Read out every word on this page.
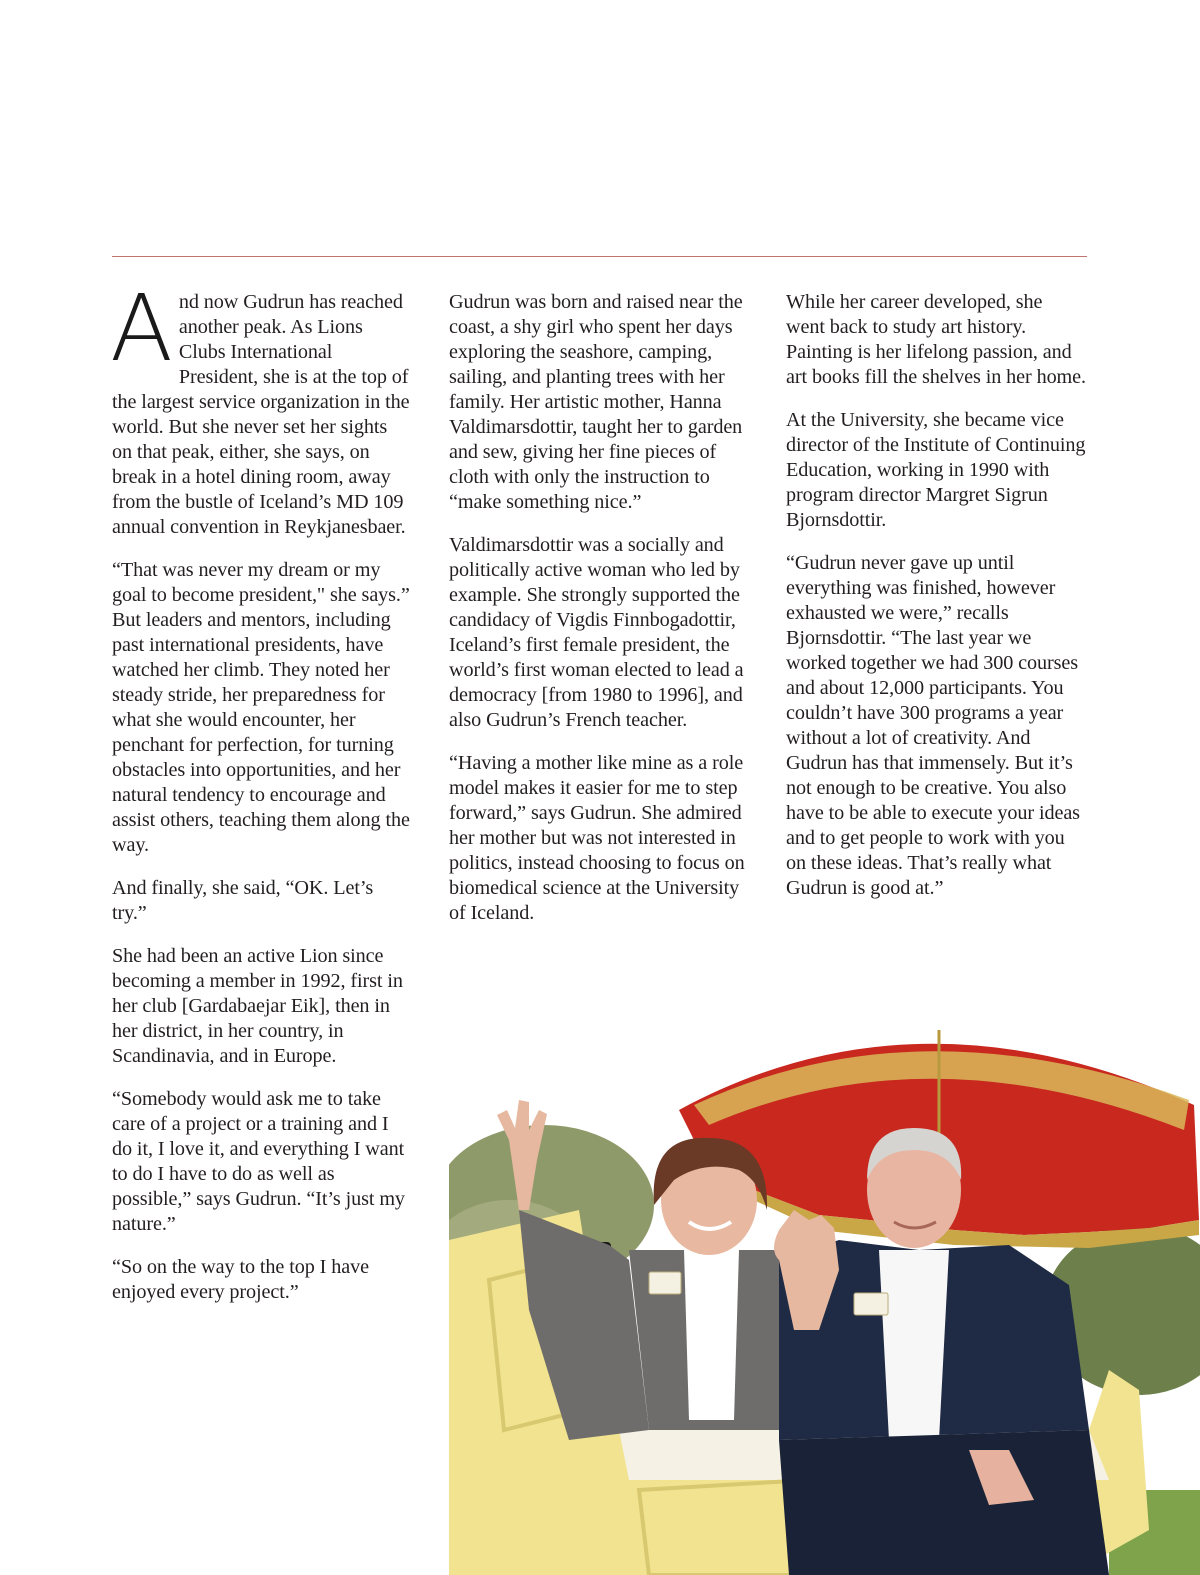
And now Gudrun has reached another peak. As Lions Clubs International President, she is at the top of the largest service organization in the world. But she never set her sights on that peak, either, she says, on break in a hotel dining room, away from the bustle of Iceland’s MD 109 annual convention in Reykjanesbaer.

“That was never my dream or my goal to become president," she says.” But leaders and mentors, including past international presidents, have watched her climb. They noted her steady stride, her preparedness for what she would encounter, her penchant for perfection, for turning obstacles into opportunities, and her natural tendency to encourage and assist others, teaching them along the way.

And finally, she said, “OK. Let’s try.”

She had been an active Lion since becoming a member in 1992, first in her club [Gardabaejar Eik], then in her district, in her country, in Scandinavia, and in Europe.

“Somebody would ask me to take care of a project or a training and I do it, I love it, and everything I want to do I have to do as well as possible,” says Gudrun. “It’s just my nature.”

“So on the way to the top I have enjoyed every project.”

Gudrun was born and raised near the coast, a shy girl who spent her days exploring the seashore, camping, sailing, and planting trees with her family. Her artistic mother, Hanna Valdimarsdottir, taught her to garden and sew, giving her fine pieces of cloth with only the instruction to “make something nice.”

Valdimarsdottir was a socially and politically active woman who led by example. She strongly supported the candidacy of Vigdis Finnbogadottir, Iceland’s first female president, the world’s first woman elected to lead a democracy [from 1980 to 1996], and also Gudrun’s French teacher.

“Having a mother like mine as a role model makes it easier for me to step forward,” says Gudrun. She admired her mother but was not interested in politics, instead choosing to focus on biomedical science at the University of Iceland.

While her career developed, she went back to study art history. Painting is her lifelong passion, and art books fill the shelves in her home.

At the University, she became vice director of the Institute of Continuing Education, working in 1990 with program director Margret Sigrun Bjornsdottir.

“Gudrun never gave up until everything was finished, however exhausted we were,” recalls Bjornsdottir. “The last year we worked together we had 300 courses and about 12,000 participants. You couldn’t have 300 programs a year without a lot of creativity. And Gudrun has that immensely. But it’s not enough to be creative. You also have to be able to execute your ideas and to get people to work with you on these ideas. That’s really what Gudrun is good at.”
